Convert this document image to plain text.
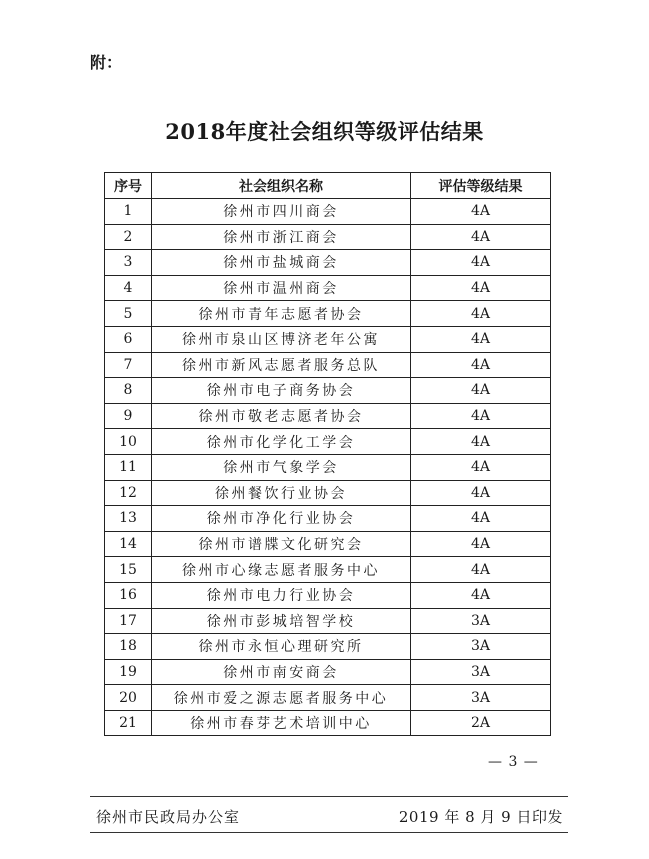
附：
2018年度社会组织等级评估结果
序号	社会组织名称	评估等级结果
1	徐州市四川商会	4A
2	徐州市浙江商会	4A
3	徐州市盐城商会	4A
4	徐州市温州商会	4A
5	徐州市青年志愿者协会	4A
6	徐州市泉山区博济老年公寓	4A
7	徐州市新风志愿者服务总队	4A
8	徐州市电子商务协会	4A
9	徐州市敬老志愿者协会	4A
10	徐州市化学化工学会	4A
11	徐州市气象学会	4A
12	徐州餐饮行业协会	4A
13	徐州市净化行业协会	4A
14	徐州市谱牒文化研究会	4A
15	徐州市心缘志愿者服务中心	4A
16	徐州市电力行业协会	4A
17	徐州市彭城培智学校	3A
18	徐州市永恒心理研究所	3A
19	徐州市南安商会	3A
20	徐州市爱之源志愿者服务中心	3A
21	徐州市春芽艺术培训中心	2A
— 3 —
徐州市民政局办公室	2019 年 8 月 9 日印发
